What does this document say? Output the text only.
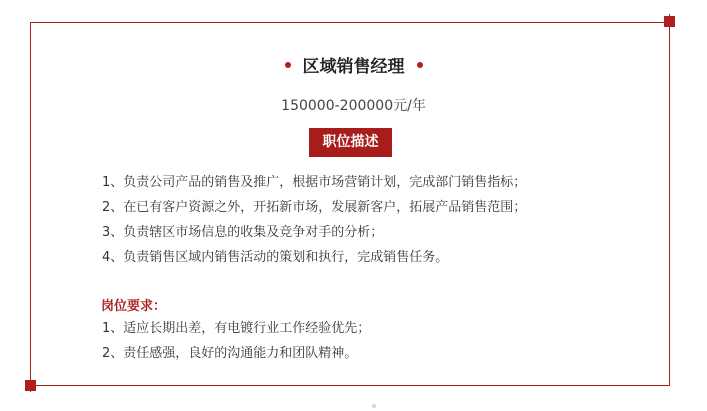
区域销售经理
150000-200000元/年
职位描述
1、负责公司产品的销售及推广，根据市场营销计划，完成部门销售指标；
2、在已有客户资源之外，开拓新市场，发展新客户，拓展产品销售范围；
3、负责辖区市场信息的收集及竞争对手的分析；
4、负责销售区域内销售活动的策划和执行，完成销售任务。
岗位要求：
1、适应长期出差，有电镀行业工作经验优先；
2、责任感强，良好的沟通能力和团队精神。
